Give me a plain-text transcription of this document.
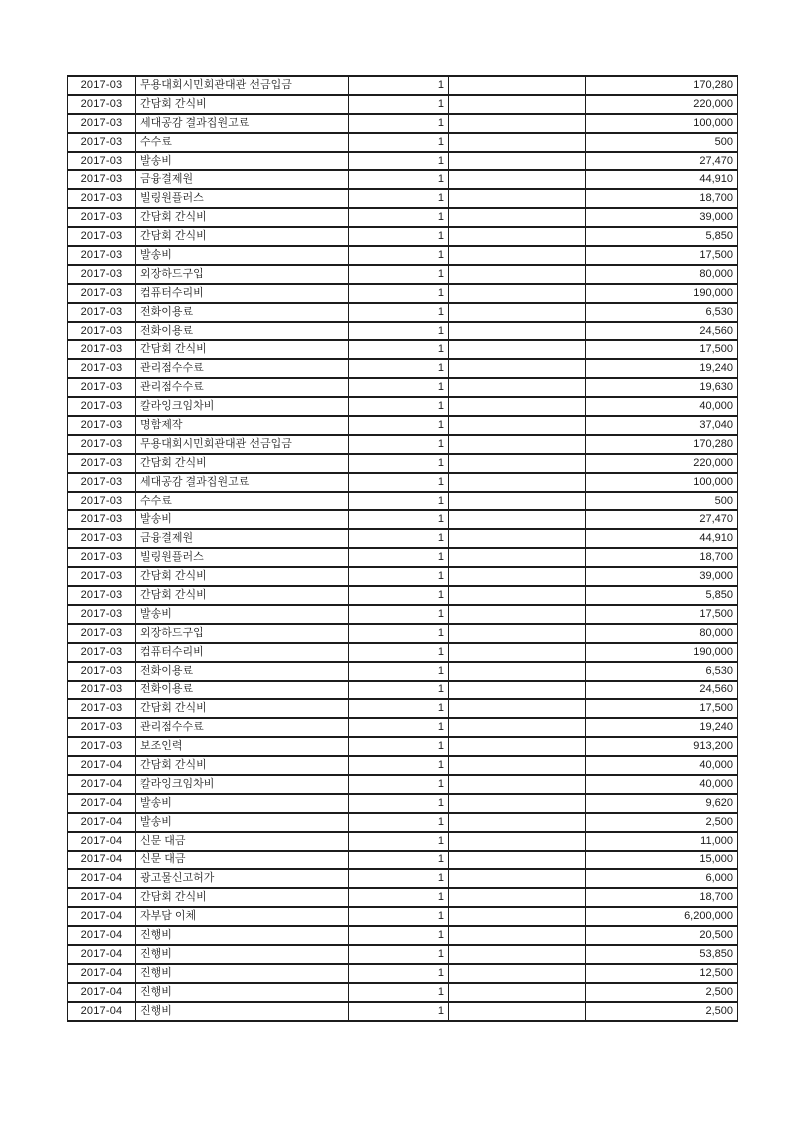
2017-03	무용대회시민회관대관 선금입금	1		170,280
2017-03	간담회 간식비	1		220,000
2017-03	세대공감 결과집원고료	1		100,000
2017-03	수수료	1		500
2017-03	발송비	1		27,470
2017-03	금융결제원	1		44,910
2017-03	빌링원플러스	1		18,700
2017-03	간담회 간식비	1		39,000
2017-03	간담회 간식비	1		5,850
2017-03	발송비	1		17,500
2017-03	외장하드구입	1		80,000
2017-03	컴퓨터수리비	1		190,000
2017-03	전화이용료	1		6,530
2017-03	전화이용료	1		24,560
2017-03	간담회 간식비	1		17,500
2017-03	관리점수수료	1		19,240
2017-03	관리점수수료	1		19,630
2017-03	칼라잉크임차비	1		40,000
2017-03	명함제작	1		37,040
2017-03	무용대회시민회관대관 선금입금	1		170,280
2017-03	간담회 간식비	1		220,000
2017-03	세대공감 결과집원고료	1		100,000
2017-03	수수료	1		500
2017-03	발송비	1		27,470
2017-03	금융결제원	1		44,910
2017-03	빌링원플러스	1		18,700
2017-03	간담회 간식비	1		39,000
2017-03	간담회 간식비	1		5,850
2017-03	발송비	1		17,500
2017-03	외장하드구입	1		80,000
2017-03	컴퓨터수리비	1		190,000
2017-03	전화이용료	1		6,530
2017-03	전화이용료	1		24,560
2017-03	간담회 간식비	1		17,500
2017-03	관리점수수료	1		19,240
2017-03	보조인력	1		913,200
2017-04	간담회 간식비	1		40,000
2017-04	칼라잉크임차비	1		40,000
2017-04	발송비	1		9,620
2017-04	발송비	1		2,500
2017-04	신문 대금	1		11,000
2017-04	신문 대금	1		15,000
2017-04	광고물신고허가	1		6,000
2017-04	간담회 간식비	1		18,700
2017-04	자부담 이체	1		6,200,000
2017-04	진행비	1		20,500
2017-04	진행비	1		53,850
2017-04	진행비	1		12,500
2017-04	진행비	1		2,500
2017-04	진행비	1		2,500
